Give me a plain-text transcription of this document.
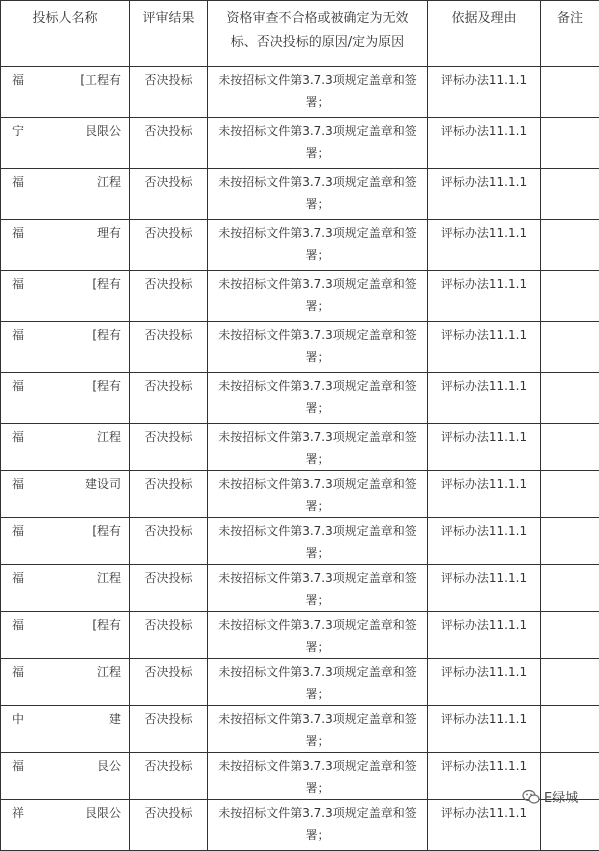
投标人名称	评审结果	资格审查不合格或被确定为无效标、否决投标的原因/定为原因	依据及理由	备注

福 [工程有	否决投标	未按招标文件第3.7.3项规定盖章和签署；	评标办法11.1.1	

宁 艮限公	否决投标	未按招标文件第3.7.3项规定盖章和签署；	评标办法11.1.1	

福 江程	否决投标	未按招标文件第3.7.3项规定盖章和签署；	评标办法11.1.1	

福 理有	否决投标	未按招标文件第3.7.3项规定盖章和签署；	评标办法11.1.1	

福 [程有	否决投标	未按招标文件第3.7.3项规定盖章和签署；	评标办法11.1.1	

福 [程有	否决投标	未按招标文件第3.7.3项规定盖章和签署；	评标办法11.1.1	

福 [程有	否决投标	未按招标文件第3.7.3项规定盖章和签署；	评标办法11.1.1	

福 江程	否决投标	未按招标文件第3.7.3项规定盖章和签署；	评标办法11.1.1	

福 建设司	否决投标	未按招标文件第3.7.3项规定盖章和签署；	评标办法11.1.1	

福 [程有	否决投标	未按招标文件第3.7.3项规定盖章和签署；	评标办法11.1.1	

福 江程	否决投标	未按招标文件第3.7.3项规定盖章和签署；	评标办法11.1.1	

福 [程有	否决投标	未按招标文件第3.7.3项规定盖章和签署；	评标办法11.1.1	

福 江程	否决投标	未按招标文件第3.7.3项规定盖章和签署；	评标办法11.1.1	

中 建	否决投标	未按招标文件第3.7.3项规定盖章和签署；	评标办法11.1.1	

福 艮公	否决投标	未按招标文件第3.7.3项规定盖章和签署；	评标办法11.1.1	

祥 艮限公	否决投标	未按招标文件第3.7.3项规定盖章和签署；	评标办法11.1.1	
E绿城
